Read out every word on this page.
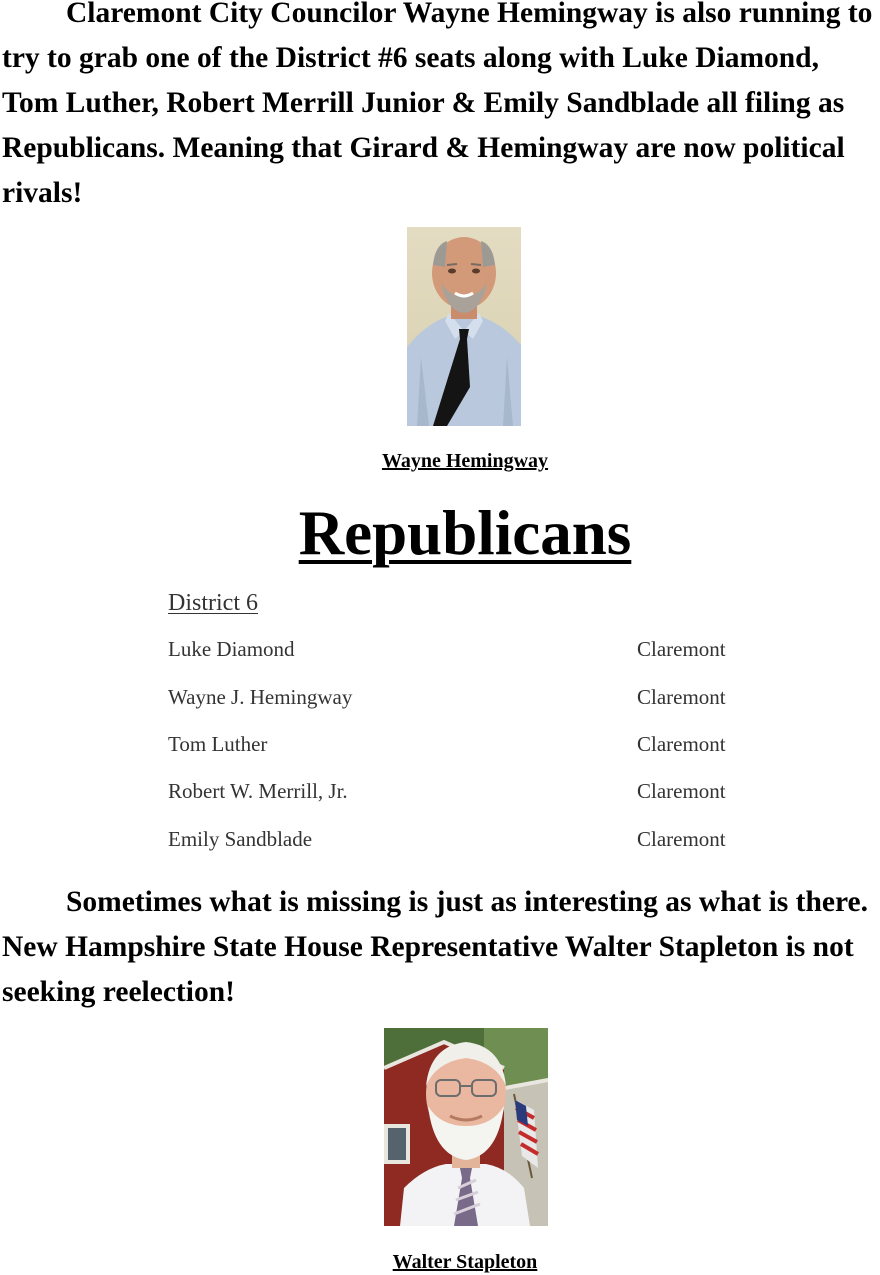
Claremont City Councilor Wayne Hemingway is also running to try to grab one of the District #6 seats along with Luke Diamond, Tom Luther, Robert Merrill Junior & Emily Sandblade all filing as Republicans. Meaning that Girard & Hemingway are now political rivals!

Wayne Hemingway
Republicans
District 6
Luke Diamond	Claremont
Wayne J. Hemingway	Claremont
Tom Luther	Claremont
Robert W. Merrill, Jr.	Claremont
Emily Sandblade	Claremont

Sometimes what is missing is just as interesting as what is there. New Hampshire State House Representative Walter Stapleton is not seeking reelection!

Walter Stapleton
